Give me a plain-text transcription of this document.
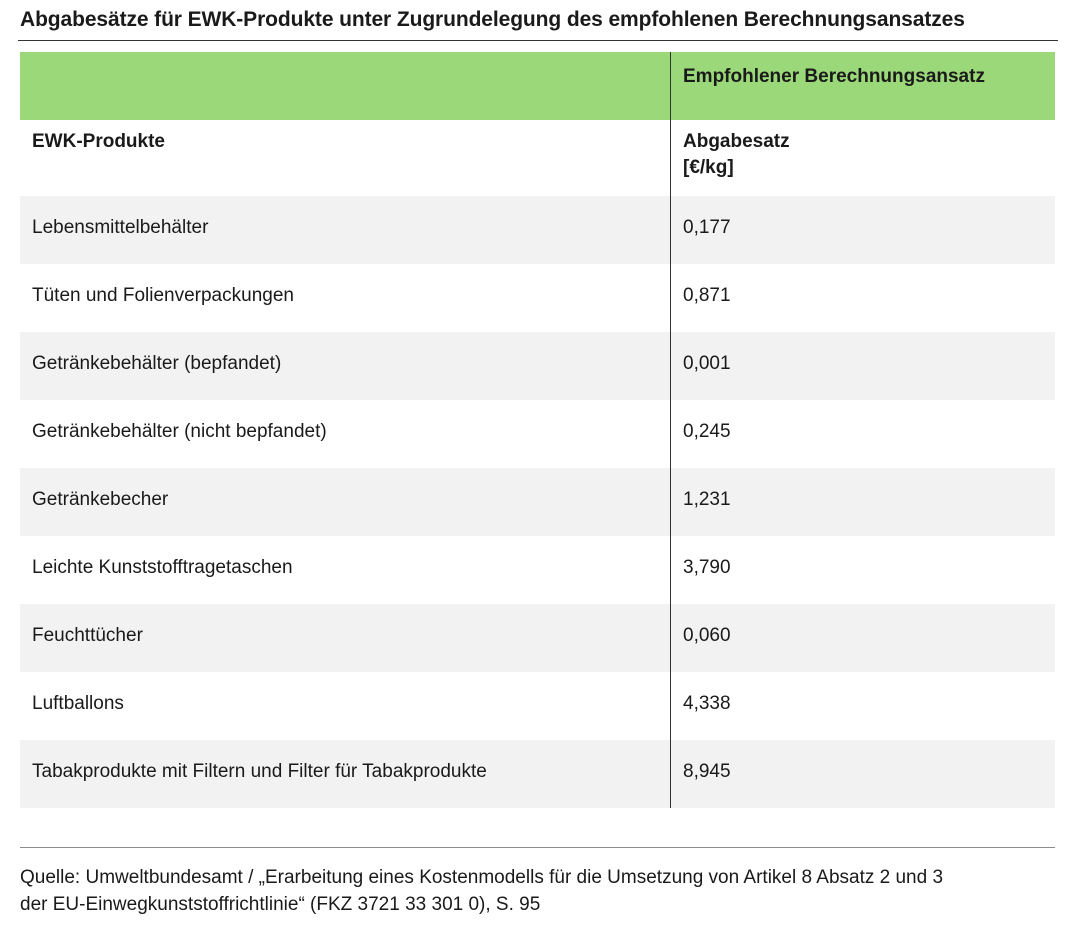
Abgabesätze für EWK-Produkte unter Zugrundelegung des empfohlenen Berechnungsansatzes
Empfohlener Berechnungsansatz
EWK-Produkte	Abgabesatz
[€/kg]
Lebensmittelbehälter	0,177
Tüten und Folienverpackungen	0,871
Getränkebehälter (bepfandet)	0,001
Getränkebehälter (nicht bepfandet)	0,245
Getränkebecher	1,231
Leichte Kunststofftragetaschen	3,790
Feuchttücher	0,060
Luftballons	4,338
Tabakprodukte mit Filtern und Filter für Tabakprodukte	8,945
Quelle: Umweltbundesamt / „Erarbeitung eines Kostenmodells für die Umsetzung von Artikel 8 Absatz 2 und 3
der EU-Einwegkunststoffrichtlinie“ (FKZ 3721 33 301 0), S. 95
